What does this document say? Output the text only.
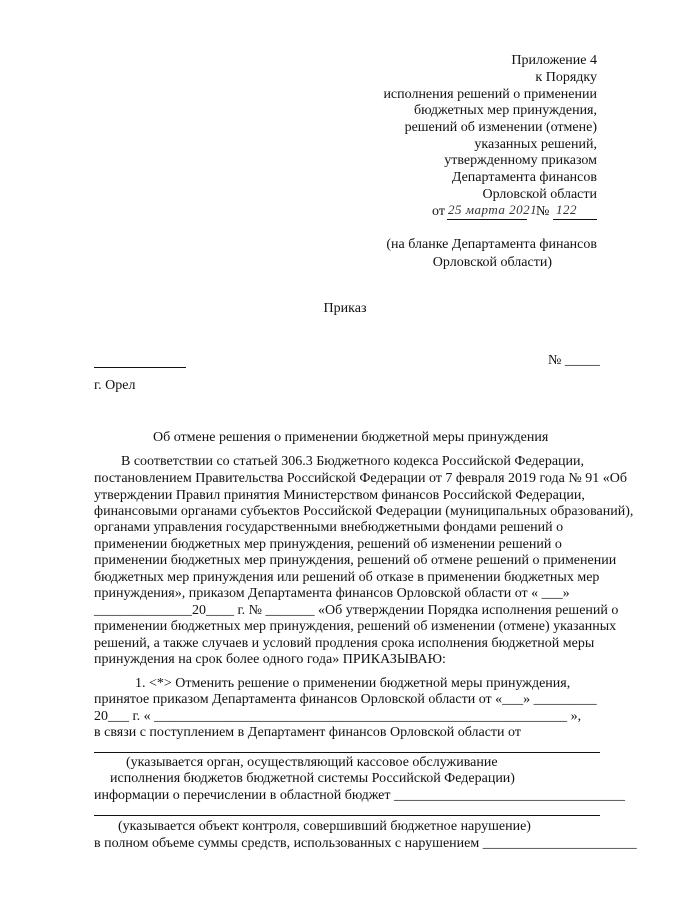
Приложение 4
к Порядку
исполнения решений о применении
бюджетных мер принуждения,
решений об изменении (отмене)
указанных решений,
утвержденному приказом
Департамента финансов
Орловской области
от 25 марта 2021
№ 122
(на бланке Департамента финансов
Орловской области)
Приказ
№ _____
г. Орел
Об отмене решения о применении бюджетной меры принуждения
В соответствии со статьей 306.3 Бюджетного кодекса Российской Федерации,
постановлением Правительства Российской Федерации от 7 февраля 2019 года № 91 «Об
утверждении Правил принятия Министерством финансов Российской Федерации,
финансовыми органами субъектов Российской Федерации (муниципальных образований),
органами управления государственными внебюджетными фондами решений о
применении бюджетных мер принуждения, решений об изменении решений о
применении бюджетных мер принуждения, решений об отмене решений о применении
бюджетных мер принуждения или решений об отказе в применении бюджетных мер
принуждения», приказом Департамента финансов Орловской области от « ___»
______________20____ г. № _______ «Об утверждении Порядка исполнения решений о
применении бюджетных мер принуждения, решений об изменении (отмене) указанных
решений, а также случаев и условий продления срока исполнения бюджетной меры
принуждения на срок более одного года» ПРИКАЗЫВАЮ:
1. <*> Отменить решение о применении бюджетной меры принуждения,
принятое приказом Департамента финансов Орловской области от «___» _________
20___ г. « ___________________________________________________________ »,
в связи с поступлением в Департамент финансов Орловской области от
(указывается орган, осуществляющий кассовое обслуживание
исполнения бюджетов бюджетной системы Российской Федерации)
информации о перечислении в областной бюджет _________________________________
(указывается объект контроля, совершивший бюджетное нарушение)
в полном объеме суммы средств, использованных с нарушением ______________________
